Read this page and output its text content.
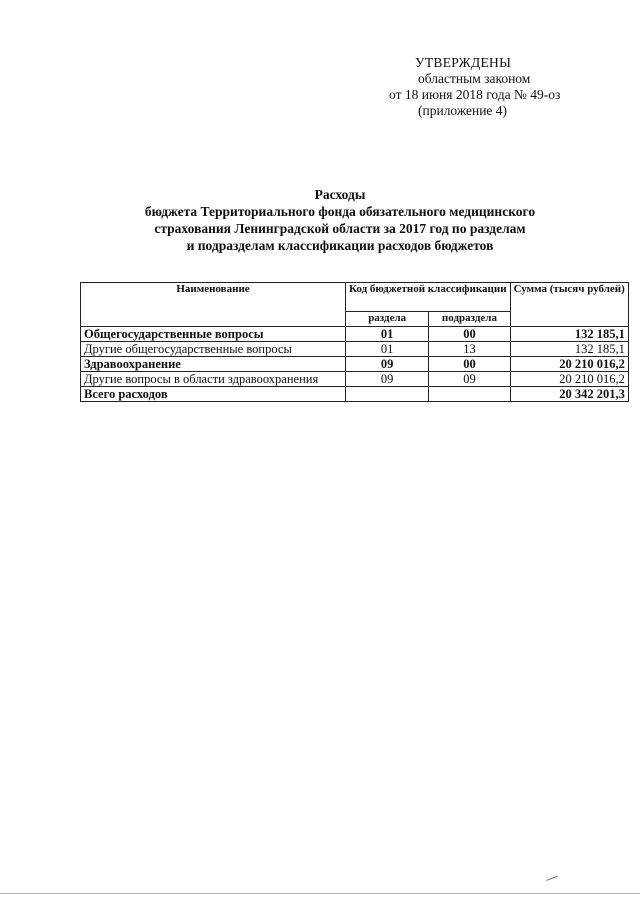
УТВЕРЖДЕНЫ
областным законом
от 18 июня 2018 года № 49-оз
(приложение 4)
Расходы
бюджета Территориального фонда обязательного медицинского
страхования Ленинградской области за 2017 год по разделам
и подразделам классификации расходов бюджетов
Наименование	Код бюджетной классификации		Сумма (тысяч рублей)
	раздела	подраздела	
Общегосударственные вопросы	01	00	132 185,1
Другие общегосударственные вопросы	01	13	132 185,1
Здравоохранение	09	00	20 210 016,2
Другие вопросы в области здравоохранения	09	09	20 210 016,2
Всего расходов			20 342 201,3
